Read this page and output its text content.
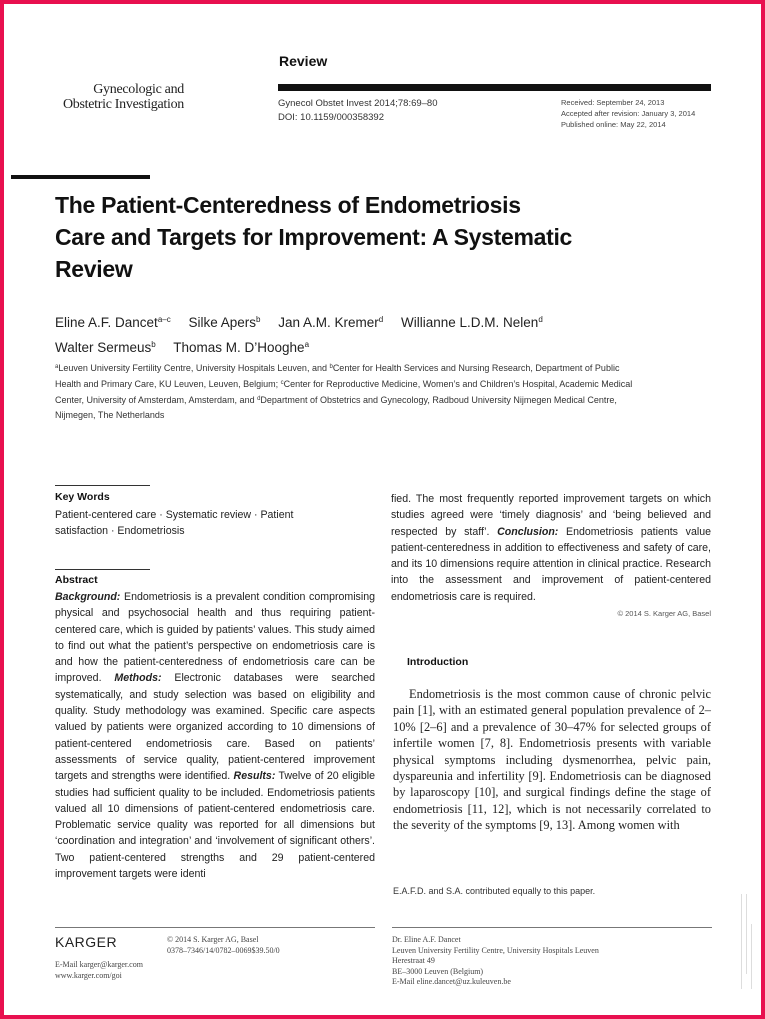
Gynecologic and
Obstetric Investigation
Review
Gynecol Obstet Invest 2014;78:69–80
DOI: 10.1159/000358392
Received: September 24, 2013
Accepted after revision: January 3, 2014
Published online: May 22, 2014
The Patient-Centeredness of Endometriosis Care and Targets for Improvement: A Systematic Review
Eline A.F. Dancet$^{a-c}$ Silke Apers$^b$ Jan A.M. Kremer$^d$ Willianne L.D.M. Nelen$^d$
Walter Sermeus$^b$ Thomas M. D’Hooghe$^a$
$^a$Leuven University Fertility Centre, University Hospitals Leuven, and $^b$Center for Health Services and Nursing Research, Department of Public Health and Primary Care, KU Leuven, Leuven, Belgium; $^c$Center for Reproductive Medicine, Women’s and Children’s Hospital, Academic Medical Center, University of Amsterdam, Amsterdam, and $^d$Department of Obstetrics and Gynecology, Radboud University Nijmegen Medical Centre, Nijmegen, The Netherlands
Key Words
Patient-centered care · Systematic review · Patient satisfaction · Endometriosis
Abstract
Background: Endometriosis is a prevalent condition compromising physical and psychosocial health and thus requiring patient-centered care, which is guided by patients’ values. This study aimed to find out what the patient’s perspective on endometriosis care is and how the patient-centeredness of endometriosis care can be improved. Methods: Electronic databases were searched systematically, and study selection was based on eligibility and quality. Study methodology was examined. Specific care aspects valued by patients were organized according to 10 dimensions of patient-centered endometriosis care. Based on patients’ assessments of service quality, patient-centered improvement targets and strengths were identified. Results: Twelve of 20 eligible studies had sufficient quality to be included. Endometriosis patients valued all 10 dimensions of patient-centered endometriosis care. Problematic service quality was reported for all dimensions but ‘coordination and integration’ and ‘involvement of significant others’. Two patient-centered strengths and 29 patient-centered improvement targets were identi
fied. The most frequently reported improvement targets on which studies agreed were ‘timely diagnosis’ and ‘being believed and respected by staff’. Conclusion: Endometriosis patients value patient-centeredness in addition to effectiveness and safety of care, and its 10 dimensions require attention in clinical practice. Research into the assessment and improvement of patient-centered endometriosis care is required.
© 2014 S. Karger AG, Basel
Introduction
Endometriosis is the most common cause of chronic pelvic pain [1], with an estimated general population prevalence of 2–10% [2–6] and a prevalence of 30–47% for selected groups of infertile women [7, 8]. Endometriosis presents with variable physical symptoms including dysmenorrhea, pelvic pain, dyspareunia and infertility [9]. Endometriosis can be diagnosed by laparoscopy [10], and surgical findings define the stage of endometriosis [11, 12], which is not necessarily correlated to the severity of the symptoms [9, 13]. Among women with
E.A.F.D. and S.A. contributed equally to this paper.
KARGER	© 2014 S. Karger AG, Basel
0378–7346/14/0782–0069$39.50/0
E-Mail karger@karger.com
www.karger.com/goi
Dr. Eline A.F. Dancet
Leuven University Fertility Centre, University Hospitals Leuven
Herestraat 49
BE–3000 Leuven (Belgium)
E-Mail eline.dancet@uz.kuleuven.be
